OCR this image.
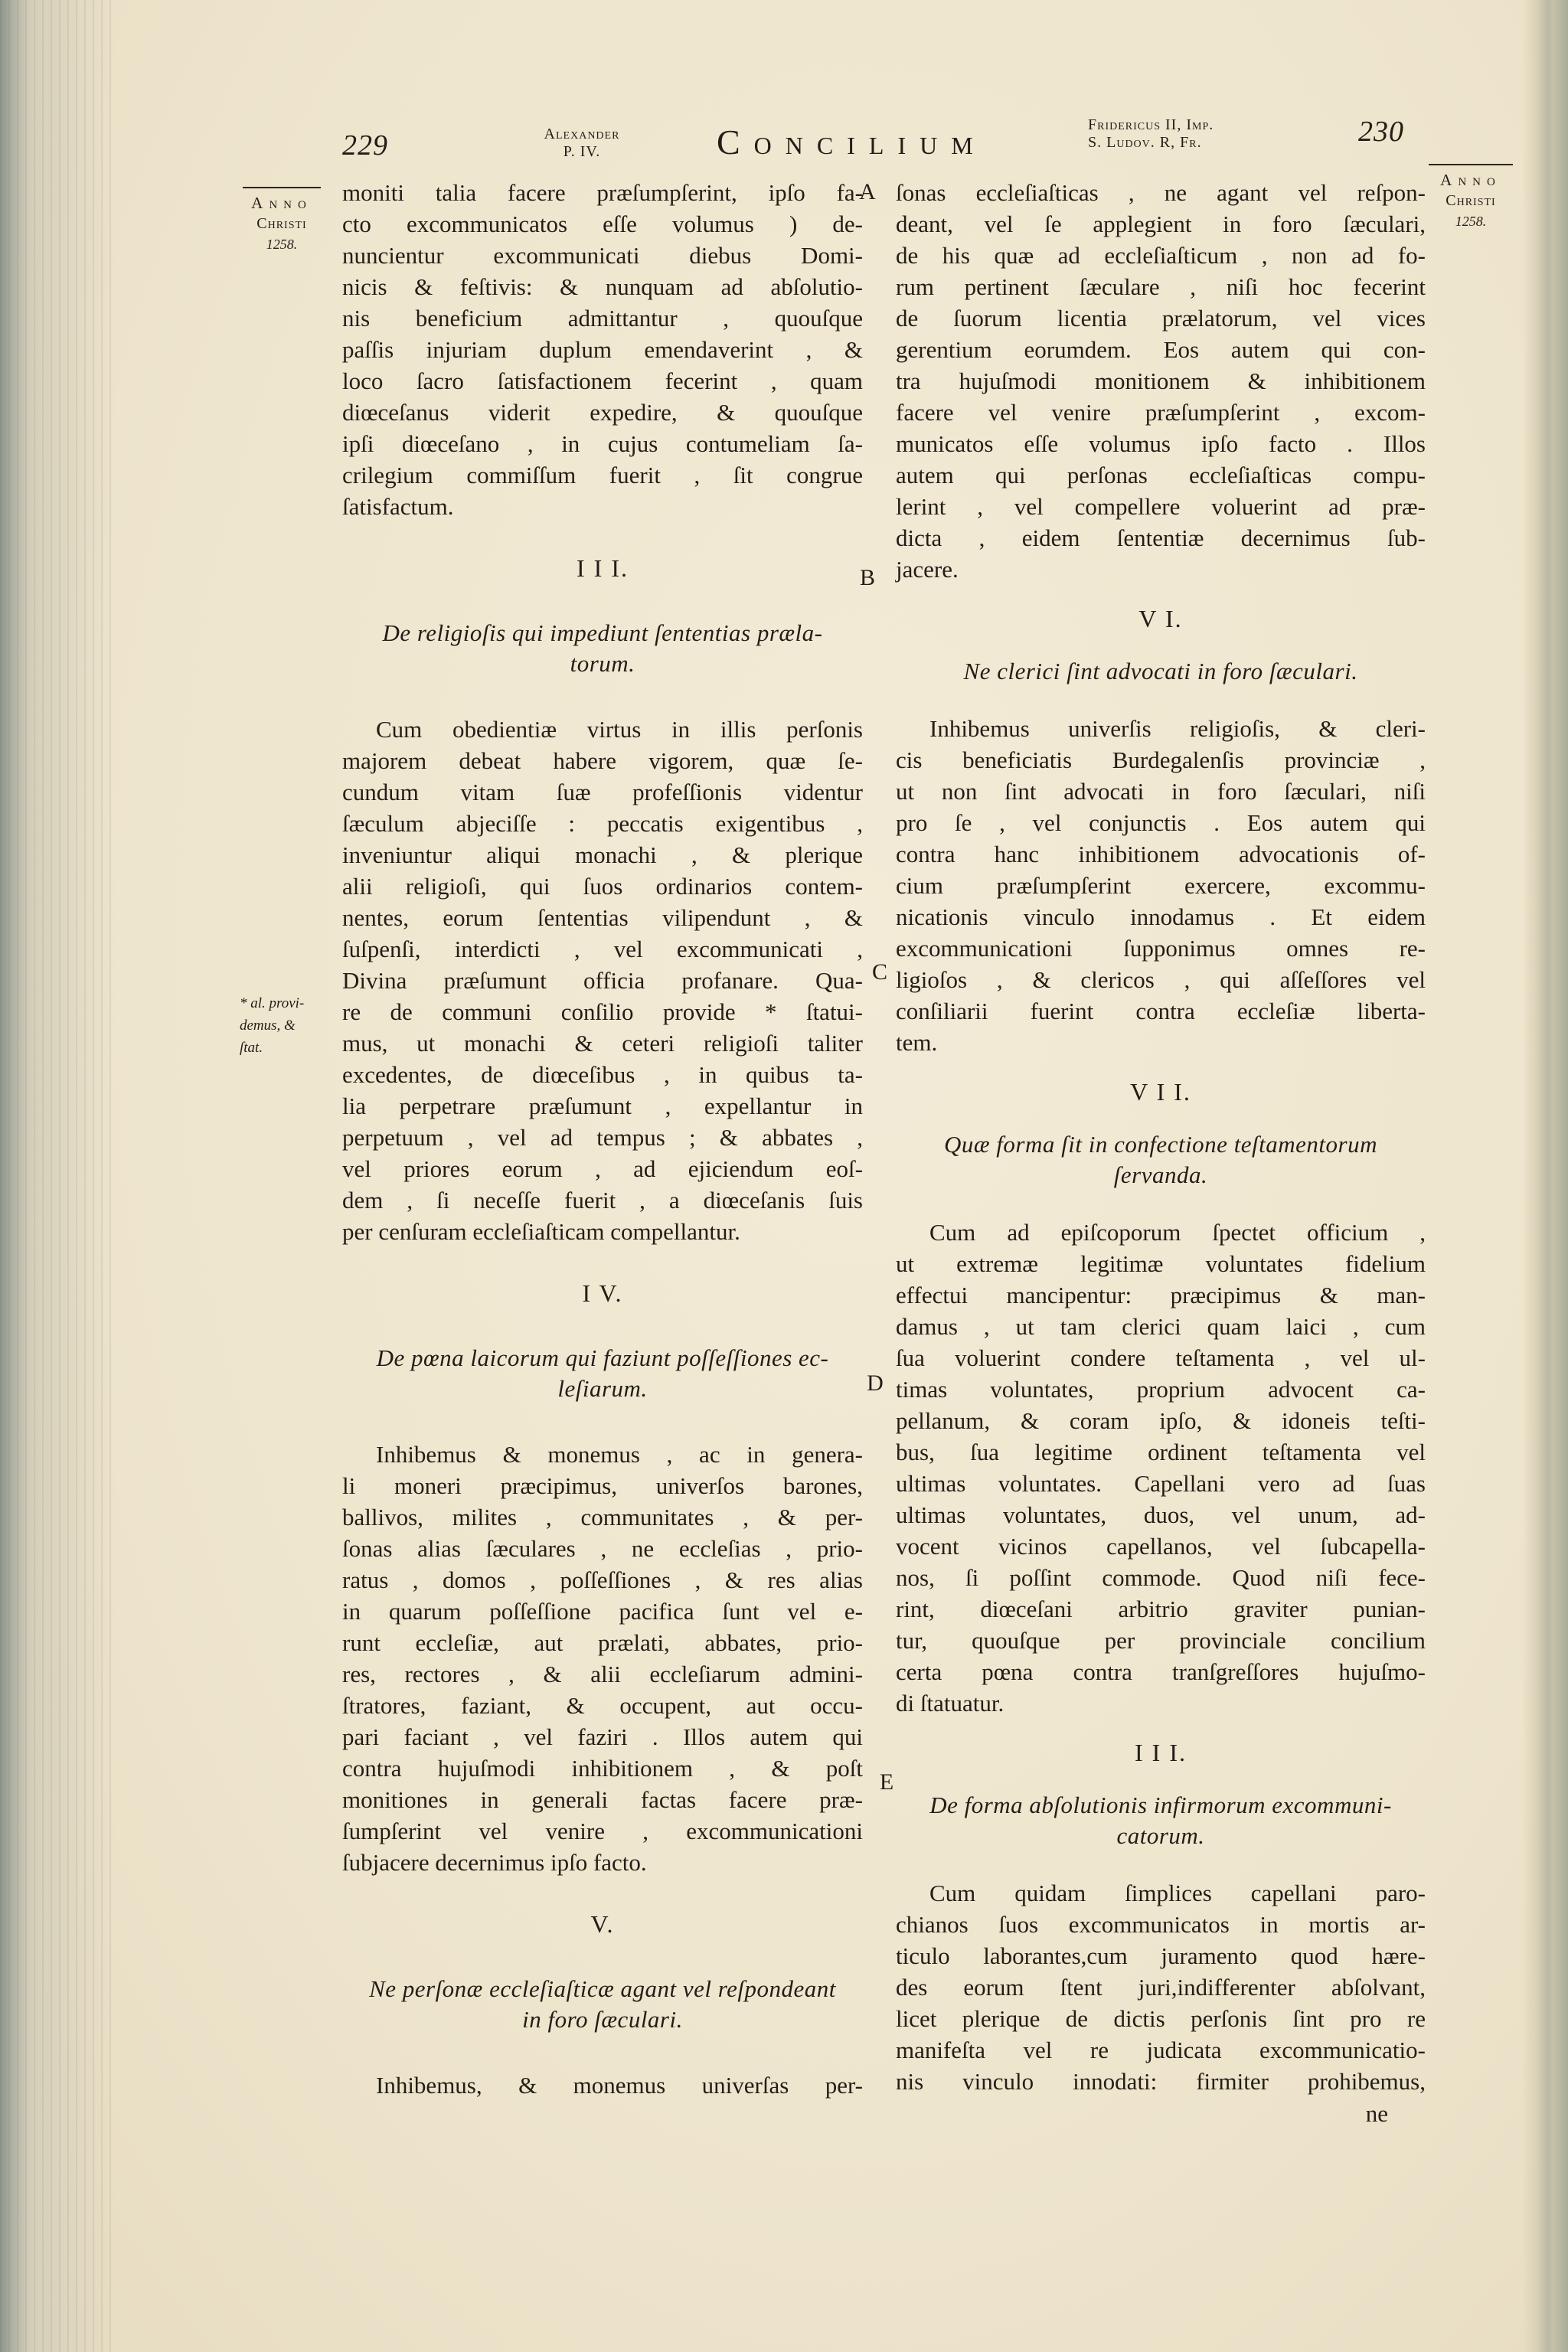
229	Alexander
P. IV.	Concilium	Fridericus II, Imp.
S. Ludov. R, Fr.	230
Anno
Christi
1258.
Anno
Christi
1258.
* al. provi-
demus, &
ſtat.
A
B
C
D
E
moniti talia facere præſumpſerint, ipſo fa-
cto excommunicatos eſſe volumus ) de-
nuncientur excommunicati diebus Domi-
nicis & feſtivis: & nunquam ad abſolutio-
nis beneficium admittantur , quouſque
paſſis injuriam duplum emendaverint , &
loco ſacro ſatisfactionem fecerint , quam
diœceſanus viderit expedire, & quouſque
ipſi diœceſano , in cujus contumeliam ſa-
crilegium commiſſum fuerit , ſit congrue
ſatisfactum.
I I I.
De religioſis qui impediunt ſententias præla-
torum.
Cum obedientiæ virtus in illis perſonis
majorem debeat habere vigorem, quæ ſe-
cundum vitam ſuæ profeſſionis videntur
ſæculum abjeciſſe : peccatis exigentibus ,
inveniuntur aliqui monachi , & plerique
alii religioſi, qui ſuos ordinarios contem-
nentes, eorum ſententias vilipendunt , &
ſuſpenſi, interdicti , vel excommunicati ,
Divina præſumunt officia profanare. Qua-
re de communi conſilio provide * ſtatui-
mus, ut monachi & ceteri religioſi taliter
excedentes, de diœceſibus , in quibus ta-
lia perpetrare præſumunt , expellantur in
perpetuum , vel ad tempus ; & abbates ,
vel priores eorum , ad ejiciendum eoſ-
dem , ſi neceſſe fuerit , a diœceſanis ſuis
per cenſuram eccleſiaſticam compellantur.
I V.
De pœna laicorum qui faziunt poſſeſſiones ec-
leſiarum.
Inhibemus & monemus , ac in genera-
li moneri præcipimus, univerſos barones,
ballivos, milites , communitates , & per-
ſonas alias ſæculares , ne eccleſias , prio-
ratus , domos , poſſeſſiones , & res alias
in quarum poſſeſſione pacifica ſunt vel e-
runt eccleſiæ, aut prælati, abbates, prio-
res, rectores , & alii eccleſiarum admini-
ſtratores, faziant, & occupent, aut occu-
pari faciant , vel faziri . Illos autem qui
contra hujuſmodi inhibitionem , & poſt
monitiones in generali factas facere præ-
ſumpſerint vel venire , excommunicationi
ſubjacere decernimus ipſo facto.
V.
Ne perſonæ eccleſiaſticæ agant vel reſpondeant
in foro ſæculari.
Inhibemus, & monemus univerſas per-
ſonas eccleſiaſticas , ne agant vel reſpon-
deant, vel ſe applegient in foro ſæculari,
de his quæ ad eccleſiaſticum , non ad fo-
rum pertinent ſæculare , niſi hoc fecerint
de ſuorum licentia prælatorum, vel vices
gerentium eorumdem. Eos autem qui con-
tra hujuſmodi monitionem & inhibitionem
facere vel venire præſumpſerint , excom-
municatos eſſe volumus ipſo facto . Illos
autem qui perſonas eccleſiaſticas compu-
lerint , vel compellere voluerint ad præ-
dicta , eidem ſententiæ decernimus ſub-
jacere.
V I.
Ne clerici ſint advocati in foro ſæculari.
Inhibemus univerſis religioſis, & cleri-
cis beneficiatis Burdegalenſis provinciæ ,
ut non ſint advocati in foro ſæculari, niſi
pro ſe , vel conjunctis . Eos autem qui
contra hanc inhibitionem advocationis of-
cium præſumpſerint exercere, excommu-
nicationis vinculo innodamus . Et eidem
excommunicationi ſupponimus omnes re-
ligioſos , & clericos , qui aſſeſſores vel
conſiliarii fuerint contra eccleſiæ liberta-
tem.
V I I.
Quæ forma ſit in confectione teſtamentorum
ſervanda.
Cum ad epiſcoporum ſpectet officium ,
ut extremæ legitimæ voluntates fidelium
effectui mancipentur: præcipimus & man-
damus , ut tam clerici quam laici , cum
ſua voluerint condere teſtamenta , vel ul-
timas voluntates, proprium advocent ca-
pellanum, & coram ipſo, & idoneis teſti-
bus, ſua legitime ordinent teſtamenta vel
ultimas voluntates. Capellani vero ad ſuas
ultimas voluntates, duos, vel unum, ad-
vocent vicinos capellanos, vel ſubcapella-
nos, ſi poſſint commode. Quod niſi fece-
rint, diœceſani arbitrio graviter punian-
tur, quouſque per provinciale concilium
certa pœna contra tranſgreſſores hujuſmo-
di ſtatuatur.
I I I.
De forma abſolutionis infirmorum excommuni-
catorum.
Cum quidam ſimplices capellani paro-
chianos ſuos excommunicatos in mortis ar-
ticulo laborantes,cum juramento quod hære-
des eorum ſtent juri,indifferenter abſolvant,
licet plerique de dictis perſonis ſint pro re
manifeſta vel re judicata excommunicatio-
nis vinculo innodati: firmiter prohibemus,
ne
